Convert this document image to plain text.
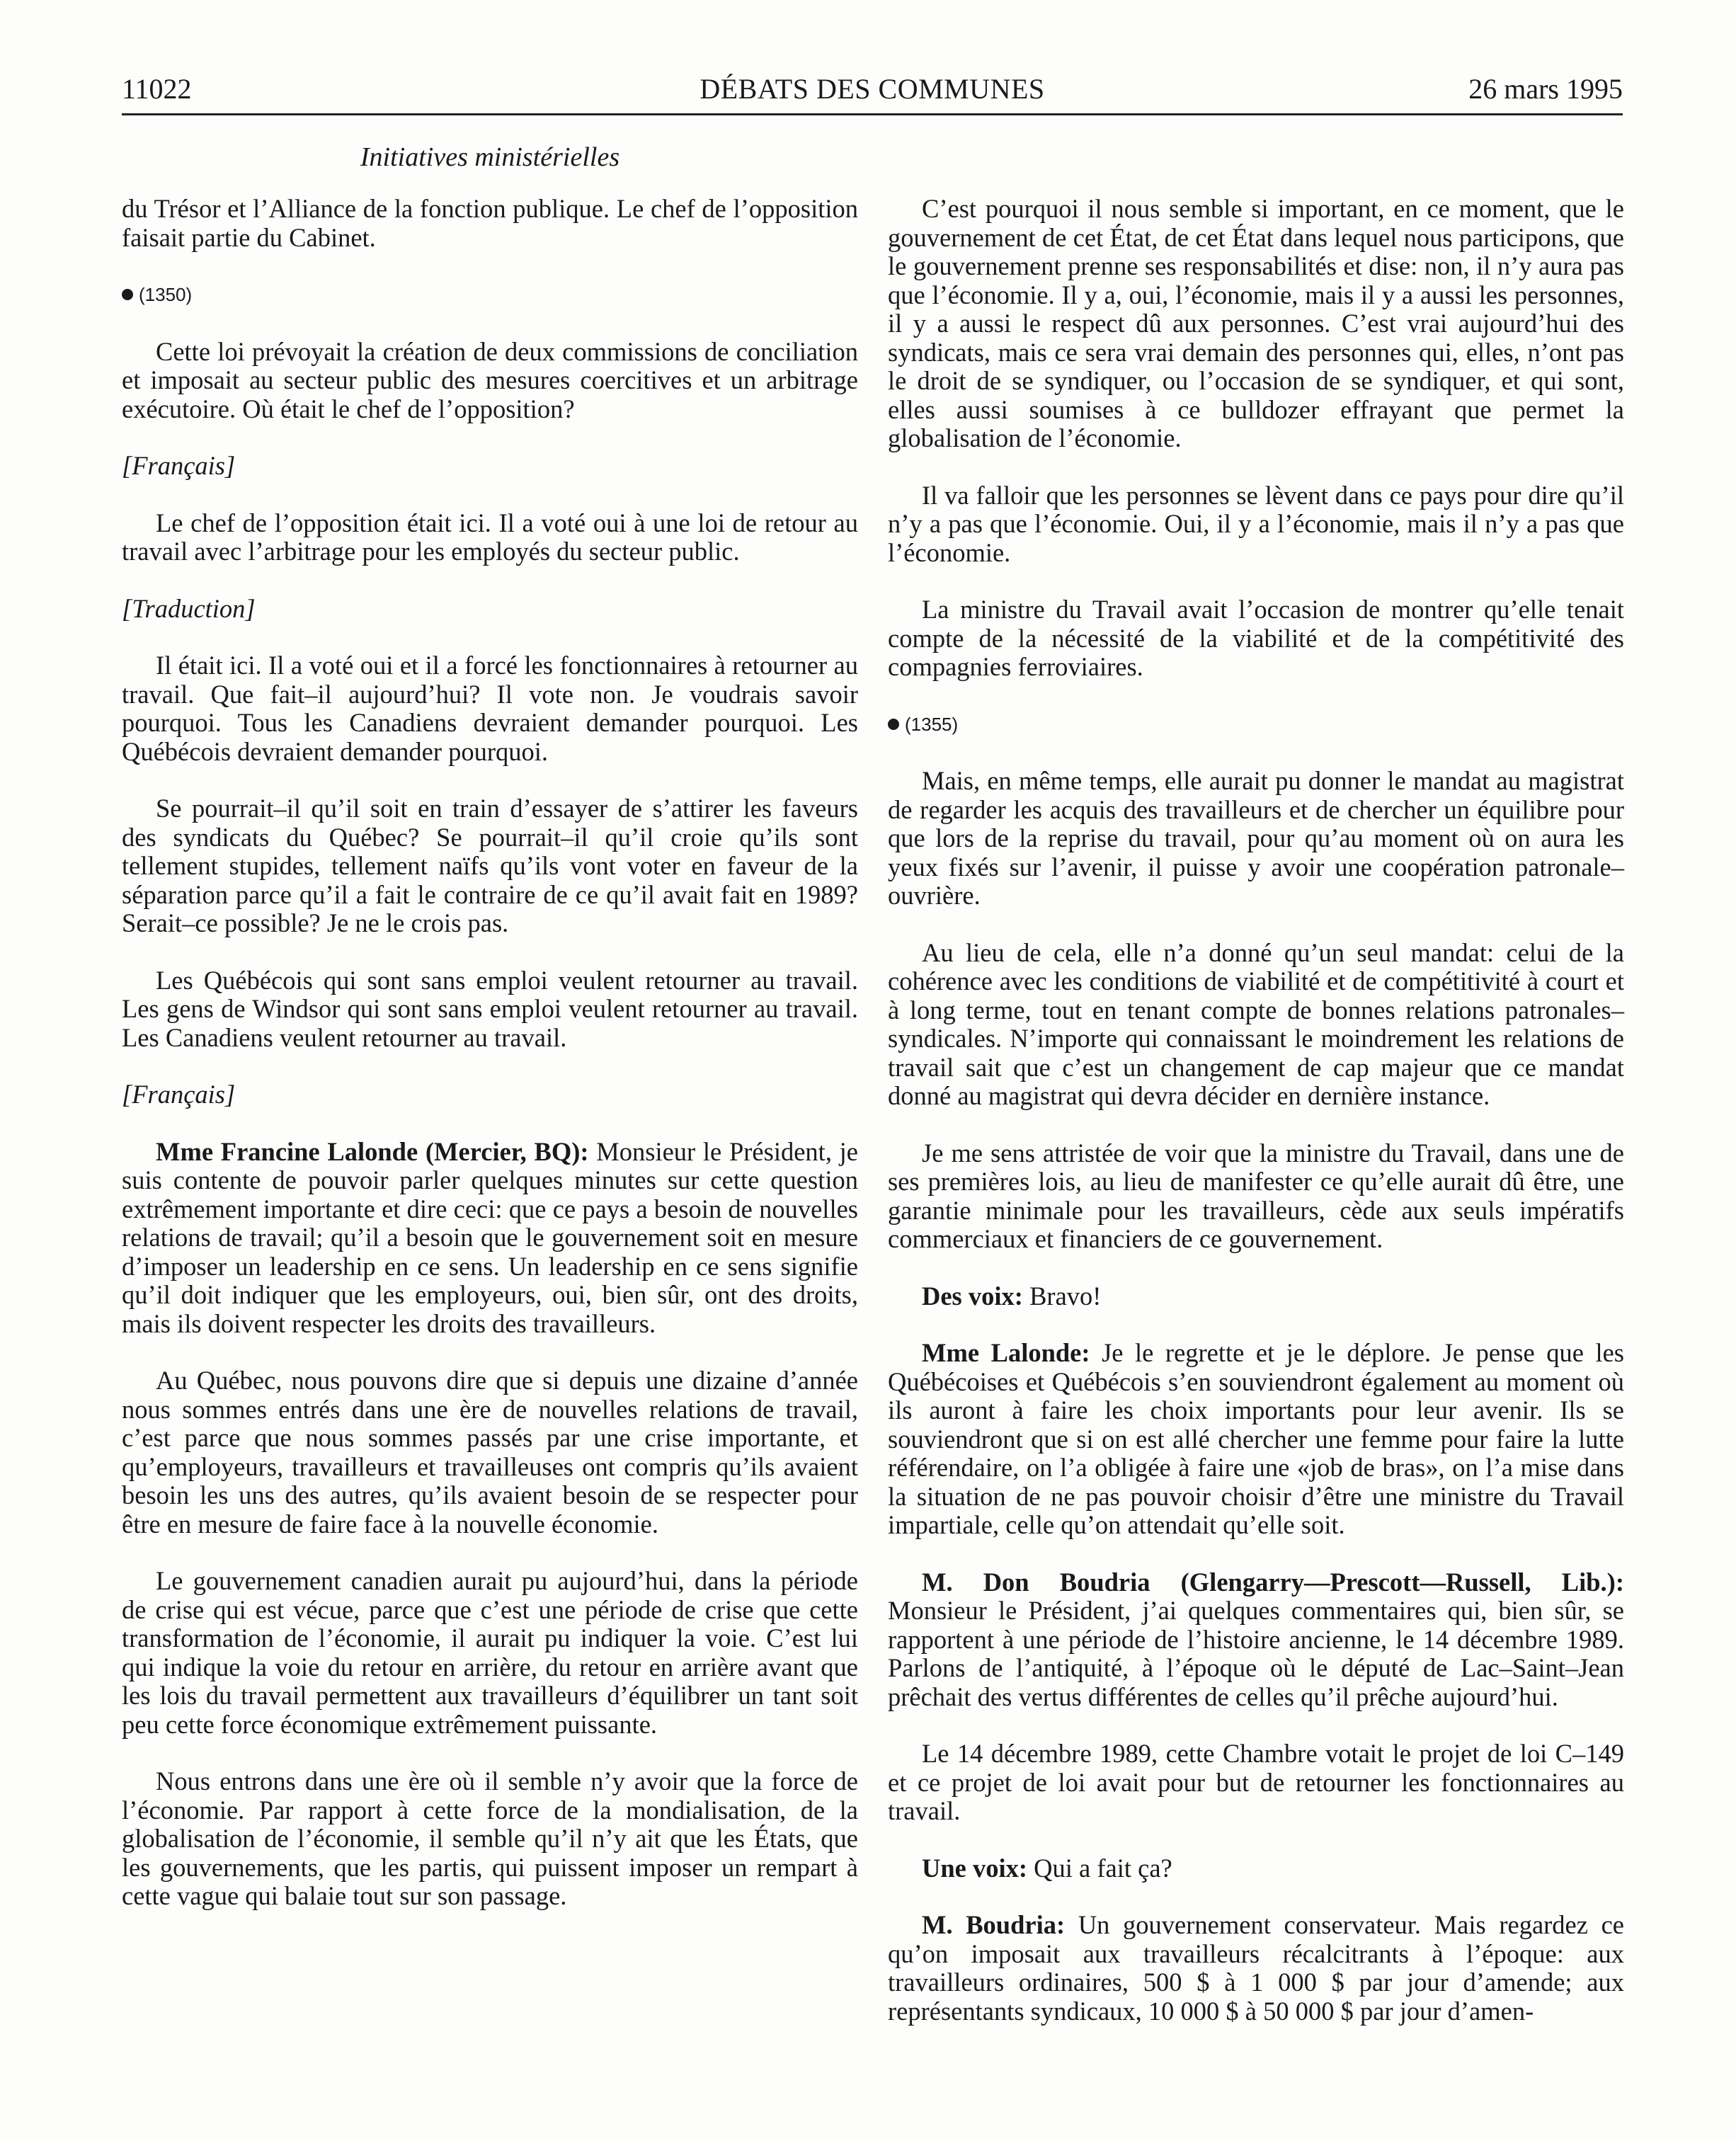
11022	DÉBATS DES COMMUNES	26 mars 1995
Initiatives ministérielles

du Trésor et l’Alliance de la fonction publique. Le chef de l’opposition faisait partie du Cabinet.

(1350)

Cette loi prévoyait la création de deux commissions de conciliation et imposait au secteur public des mesures coercitives et un arbitrage exécutoire. Où était le chef de l’opposition?

[Français]

Le chef de l’opposition était ici. Il a voté oui à une loi de retour au travail avec l’arbitrage pour les employés du secteur public.

[Traduction]

Il était ici. Il a voté oui et il a forcé les fonctionnaires à retourner au travail. Que fait–il aujourd’hui? Il vote non. Je voudrais savoir pourquoi. Tous les Canadiens devraient demander pourquoi. Les Québécois devraient demander pourquoi.

Se pourrait–il qu’il soit en train d’essayer de s’attirer les faveurs des syndicats du Québec? Se pourrait–il qu’il croie qu’ils sont tellement stupides, tellement naïfs qu’ils vont voter en faveur de la séparation parce qu’il a fait le contraire de ce qu’il avait fait en 1989? Serait–ce possible? Je ne le crois pas.

Les Québécois qui sont sans emploi veulent retourner au travail. Les gens de Windsor qui sont sans emploi veulent retourner au travail. Les Canadiens veulent retourner au travail.

[Français]

Mme Francine Lalonde (Mercier, BQ): Monsieur le Président, je suis contente de pouvoir parler quelques minutes sur cette question extrêmement importante et dire ceci: que ce pays a besoin de nouvelles relations de travail; qu’il a besoin que le gouvernement soit en mesure d’imposer un leadership en ce sens. Un leadership en ce sens signifie qu’il doit indiquer que les employeurs, oui, bien sûr, ont des droits, mais ils doivent respecter les droits des travailleurs.

Au Québec, nous pouvons dire que si depuis une dizaine d’année nous sommes entrés dans une ère de nouvelles relations de travail, c’est parce que nous sommes passés par une crise importante, et qu’employeurs, travailleurs et travailleuses ont compris qu’ils avaient besoin les uns des autres, qu’ils avaient besoin de se respecter pour être en mesure de faire face à la nouvelle économie.

Le gouvernement canadien aurait pu aujourd’hui, dans la période de crise qui est vécue, parce que c’est une période de crise que cette transformation de l’économie, il aurait pu indiquer la voie. C’est lui qui indique la voie du retour en arrière, du retour en arrière avant que les lois du travail permettent aux travailleurs d’équilibrer un tant soit peu cette force économique extrêmement puissante.

Nous entrons dans une ère où il semble n’y avoir que la force de l’économie. Par rapport à cette force de la mondialisation, de la globalisation de l’économie, il semble qu’il n’y ait que les États, que les gouvernements, que les partis, qui puissent imposer un rempart à cette vague qui balaie tout sur son passage.

C’est pourquoi il nous semble si important, en ce moment, que le gouvernement de cet État, de cet État dans lequel nous participons, que le gouvernement prenne ses responsabilités et dise: non, il n’y aura pas que l’économie. Il y a, oui, l’économie, mais il y a aussi les personnes, il y a aussi le respect dû aux personnes. C’est vrai aujourd’hui des syndicats, mais ce sera vrai demain des personnes qui, elles, n’ont pas le droit de se syndiquer, ou l’occasion de se syndiquer, et qui sont, elles aussi soumises à ce bulldozer effrayant que permet la globalisation de l’économie.

Il va falloir que les personnes se lèvent dans ce pays pour dire qu’il n’y a pas que l’économie. Oui, il y a l’économie, mais il n’y a pas que l’économie.

La ministre du Travail avait l’occasion de montrer qu’elle tenait compte de la nécessité de la viabilité et de la compétitivité des compagnies ferroviaires.

(1355)

Mais, en même temps, elle aurait pu donner le mandat au magistrat de regarder les acquis des travailleurs et de chercher un équilibre pour que lors de la reprise du travail, pour qu’au moment où on aura les yeux fixés sur l’avenir, il puisse y avoir une coopération patronale–ouvrière.

Au lieu de cela, elle n’a donné qu’un seul mandat: celui de la cohérence avec les conditions de viabilité et de compétitivité à court et à long terme, tout en tenant compte de bonnes relations patronales–syndicales. N’importe qui connaissant le moindrement les relations de travail sait que c’est un changement de cap majeur que ce mandat donné au magistrat qui devra décider en dernière instance.

Je me sens attristée de voir que la ministre du Travail, dans une de ses premières lois, au lieu de manifester ce qu’elle aurait dû être, une garantie minimale pour les travailleurs, cède aux seuls impératifs commerciaux et financiers de ce gouvernement.

Des voix: Bravo!

Mme Lalonde: Je le regrette et je le déplore. Je pense que les Québécoises et Québécois s’en souviendront également au moment où ils auront à faire les choix importants pour leur avenir. Ils se souviendront que si on est allé chercher une femme pour faire la lutte référendaire, on l’a obligée à faire une «job de bras», on l’a mise dans la situation de ne pas pouvoir choisir d’être une ministre du Travail impartiale, celle qu’on attendait qu’elle soit.

M. Don Boudria (Glengarry—Prescott—Russell, Lib.): Monsieur le Président, j’ai quelques commentaires qui, bien sûr, se rapportent à une période de l’histoire ancienne, le 14 décembre 1989. Parlons de l’antiquité, à l’époque où le député de Lac–Saint–Jean prêchait des vertus différentes de celles qu’il prêche aujourd’hui.

Le 14 décembre 1989, cette Chambre votait le projet de loi C–149 et ce projet de loi avait pour but de retourner les fonctionnaires au travail.

Une voix: Qui a fait ça?

M. Boudria: Un gouvernement conservateur. Mais regardez ce qu’on imposait aux travailleurs récalcitrants à l’époque: aux travailleurs ordinaires, 500 $ à 1 000 $ par jour d’amende; aux représentants syndicaux, 10 000 $ à 50 000 $ par jour d’amen-
